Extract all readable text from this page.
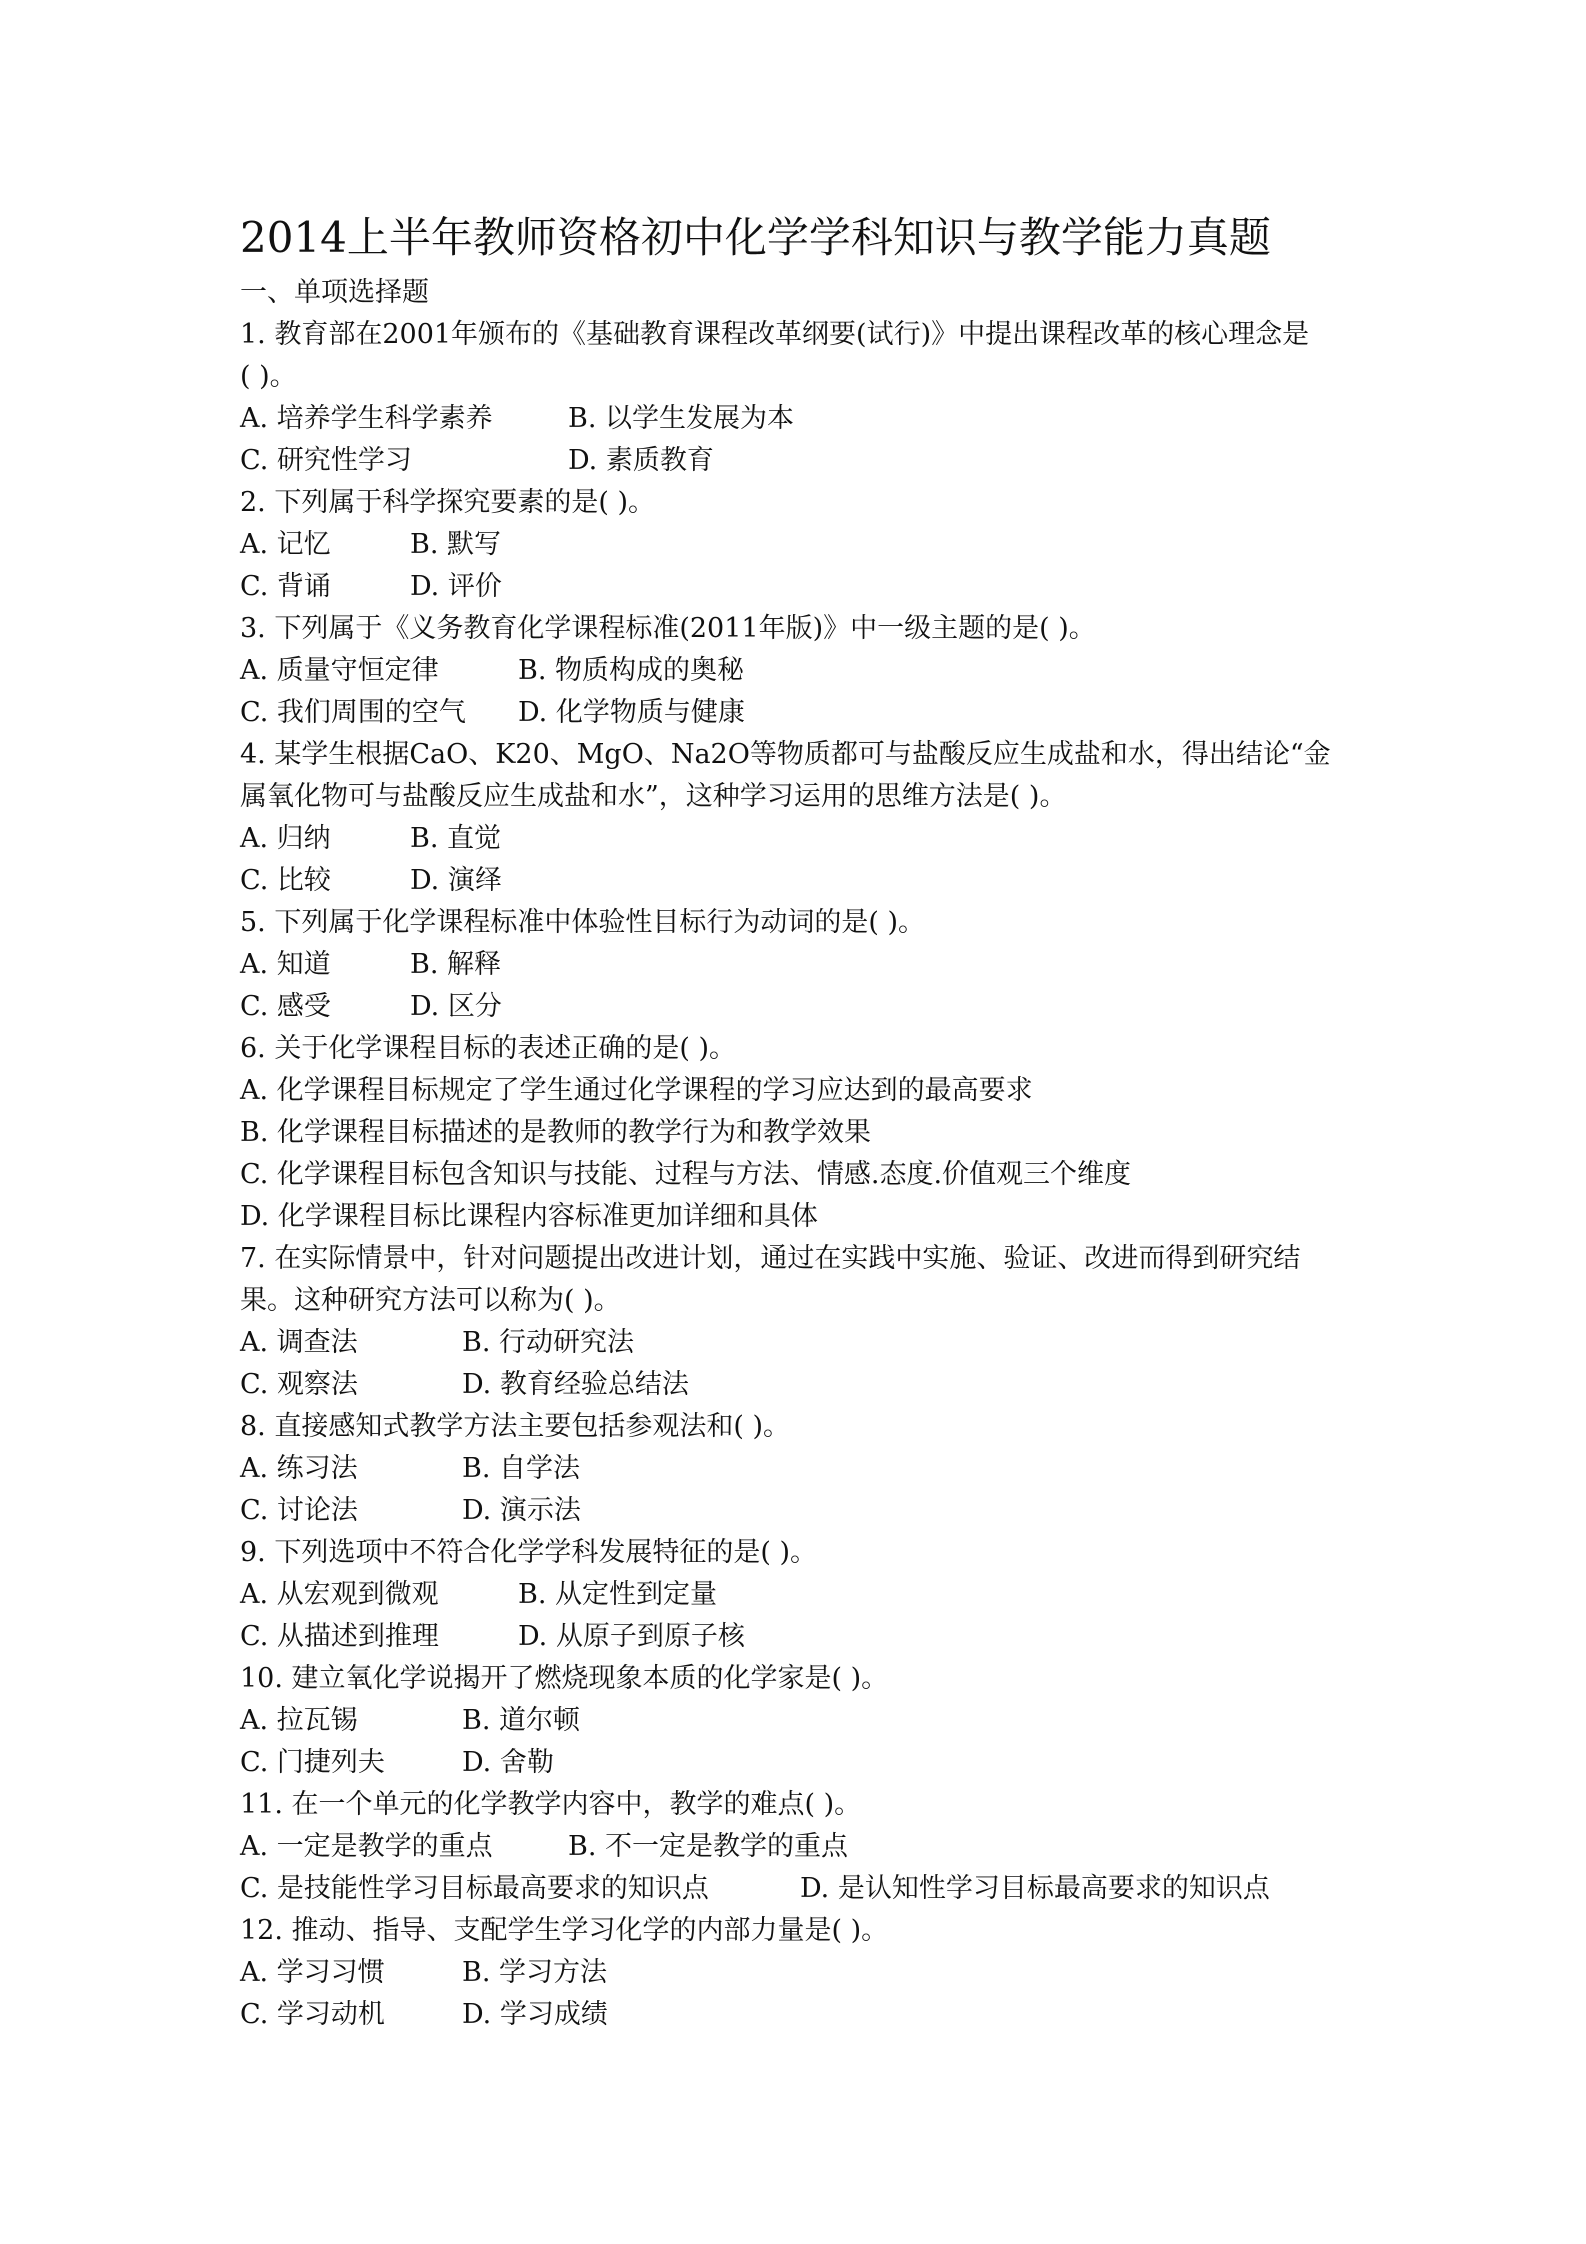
2014上半年教师资格初中化学学科知识与教学能力真题

一、单项选择题

1. 教育部在2001年颁布的《基础教育课程改革纲要(试行)》中提出课程改革的核心理念是

( )。

A. 培养学生科学素养	B. 以学生发展为本

C. 研究性学习	D. 素质教育

2. 下列属于科学探究要素的是( )。

A. 记忆	B. 默写

C. 背诵	D. 评价

3. 下列属于《义务教育化学课程标准(2011年版)》中一级主题的是( )。

A. 质量守恒定律	B. 物质构成的奥秘

C. 我们周围的空气 D. 化学物质与健康

4. 某学生根据CaO、K20、MgO、Na2O等物质都可与盐酸反应生成盐和水，得出结论“金

属氧化物可与盐酸反应生成盐和水”，这种学习运用的思维方法是( )。

A. 归纳	B. 直觉

C. 比较	D. 演绎

5. 下列属于化学课程标准中体验性目标行为动词的是( )。

A. 知道	B. 解释

C. 感受	D. 区分

6. 关于化学课程目标的表述正确的是( )。

A. 化学课程目标规定了学生通过化学课程的学习应达到的最高要求

B. 化学课程目标描述的是教师的教学行为和教学效果

C. 化学课程目标包含知识与技能、过程与方法、情感.态度.价值观三个维度

D. 化学课程目标比课程内容标准更加详细和具体

7. 在实际情景中，针对问题提出改进计划，通过在实践中实施、验证、改进而得到研究结

果。这种研究方法可以称为( )。

A. 调查法	B. 行动研究法

C. 观察法	D. 教育经验总结法

8. 直接感知式教学方法主要包括参观法和( )。

A. 练习法	B. 自学法

C. 讨论法	D. 演示法

9. 下列选项中不符合化学学科发展特征的是( )。

A. 从宏观到微观	B. 从定性到定量

C. 从描述到推理	D. 从原子到原子核

10. 建立氧化学说揭开了燃烧现象本质的化学家是( )。

A. 拉瓦锡	B. 道尔顿

C. 门捷列夫	D. 舍勒

11. 在一个单元的化学教学内容中，教学的难点( )。

A. 一定是教学的重点	B. 不一定是教学的重点

C. 是技能性学习目标最高要求的知识点	D. 是认知性学习目标最高要求的知识点

12. 推动、指导、支配学生学习化学的内部力量是( )。

A. 学习习惯	B. 学习方法

C. 学习动机	D. 学习成绩
